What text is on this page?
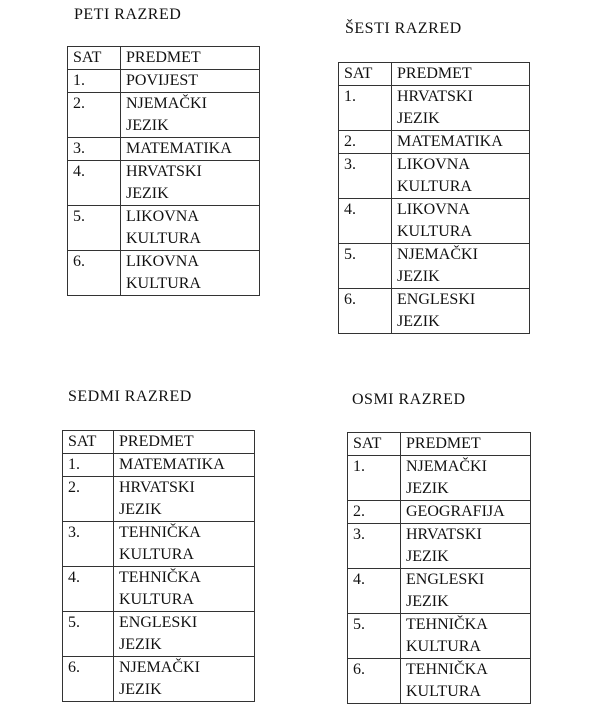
PETI RAZRED
SAT	PREDMET
1.	POVIJEST
2.	NJEMAČKI
JEZIK
3.	MATEMATIKA
4.	HRVATSKI
JEZIK
5.	LIKOVNA
KULTURA
6.	LIKOVNA
KULTURA
ŠESTI RAZRED
SAT	PREDMET
1.	HRVATSKI
JEZIK
2.	MATEMATIKA
3.	LIKOVNA
KULTURA
4.	LIKOVNA
KULTURA
5.	NJEMAČKI
JEZIK
6.	ENGLESKI
JEZIK
SEDMI RAZRED
SAT	PREDMET
1.	MATEMATIKA
2.	HRVATSKI
JEZIK
3.	TEHNIČKA
KULTURA
4.	TEHNIČKA
KULTURA
5.	ENGLESKI
JEZIK
6.	NJEMAČKI
JEZIK
OSMI RAZRED
SAT	PREDMET
1.	NJEMAČKI
JEZIK
2.	GEOGRAFIJA
3.	HRVATSKI
JEZIK
4.	ENGLESKI
JEZIK
5.	TEHNIČKA
KULTURA
6.	TEHNIČKA
KULTURA
